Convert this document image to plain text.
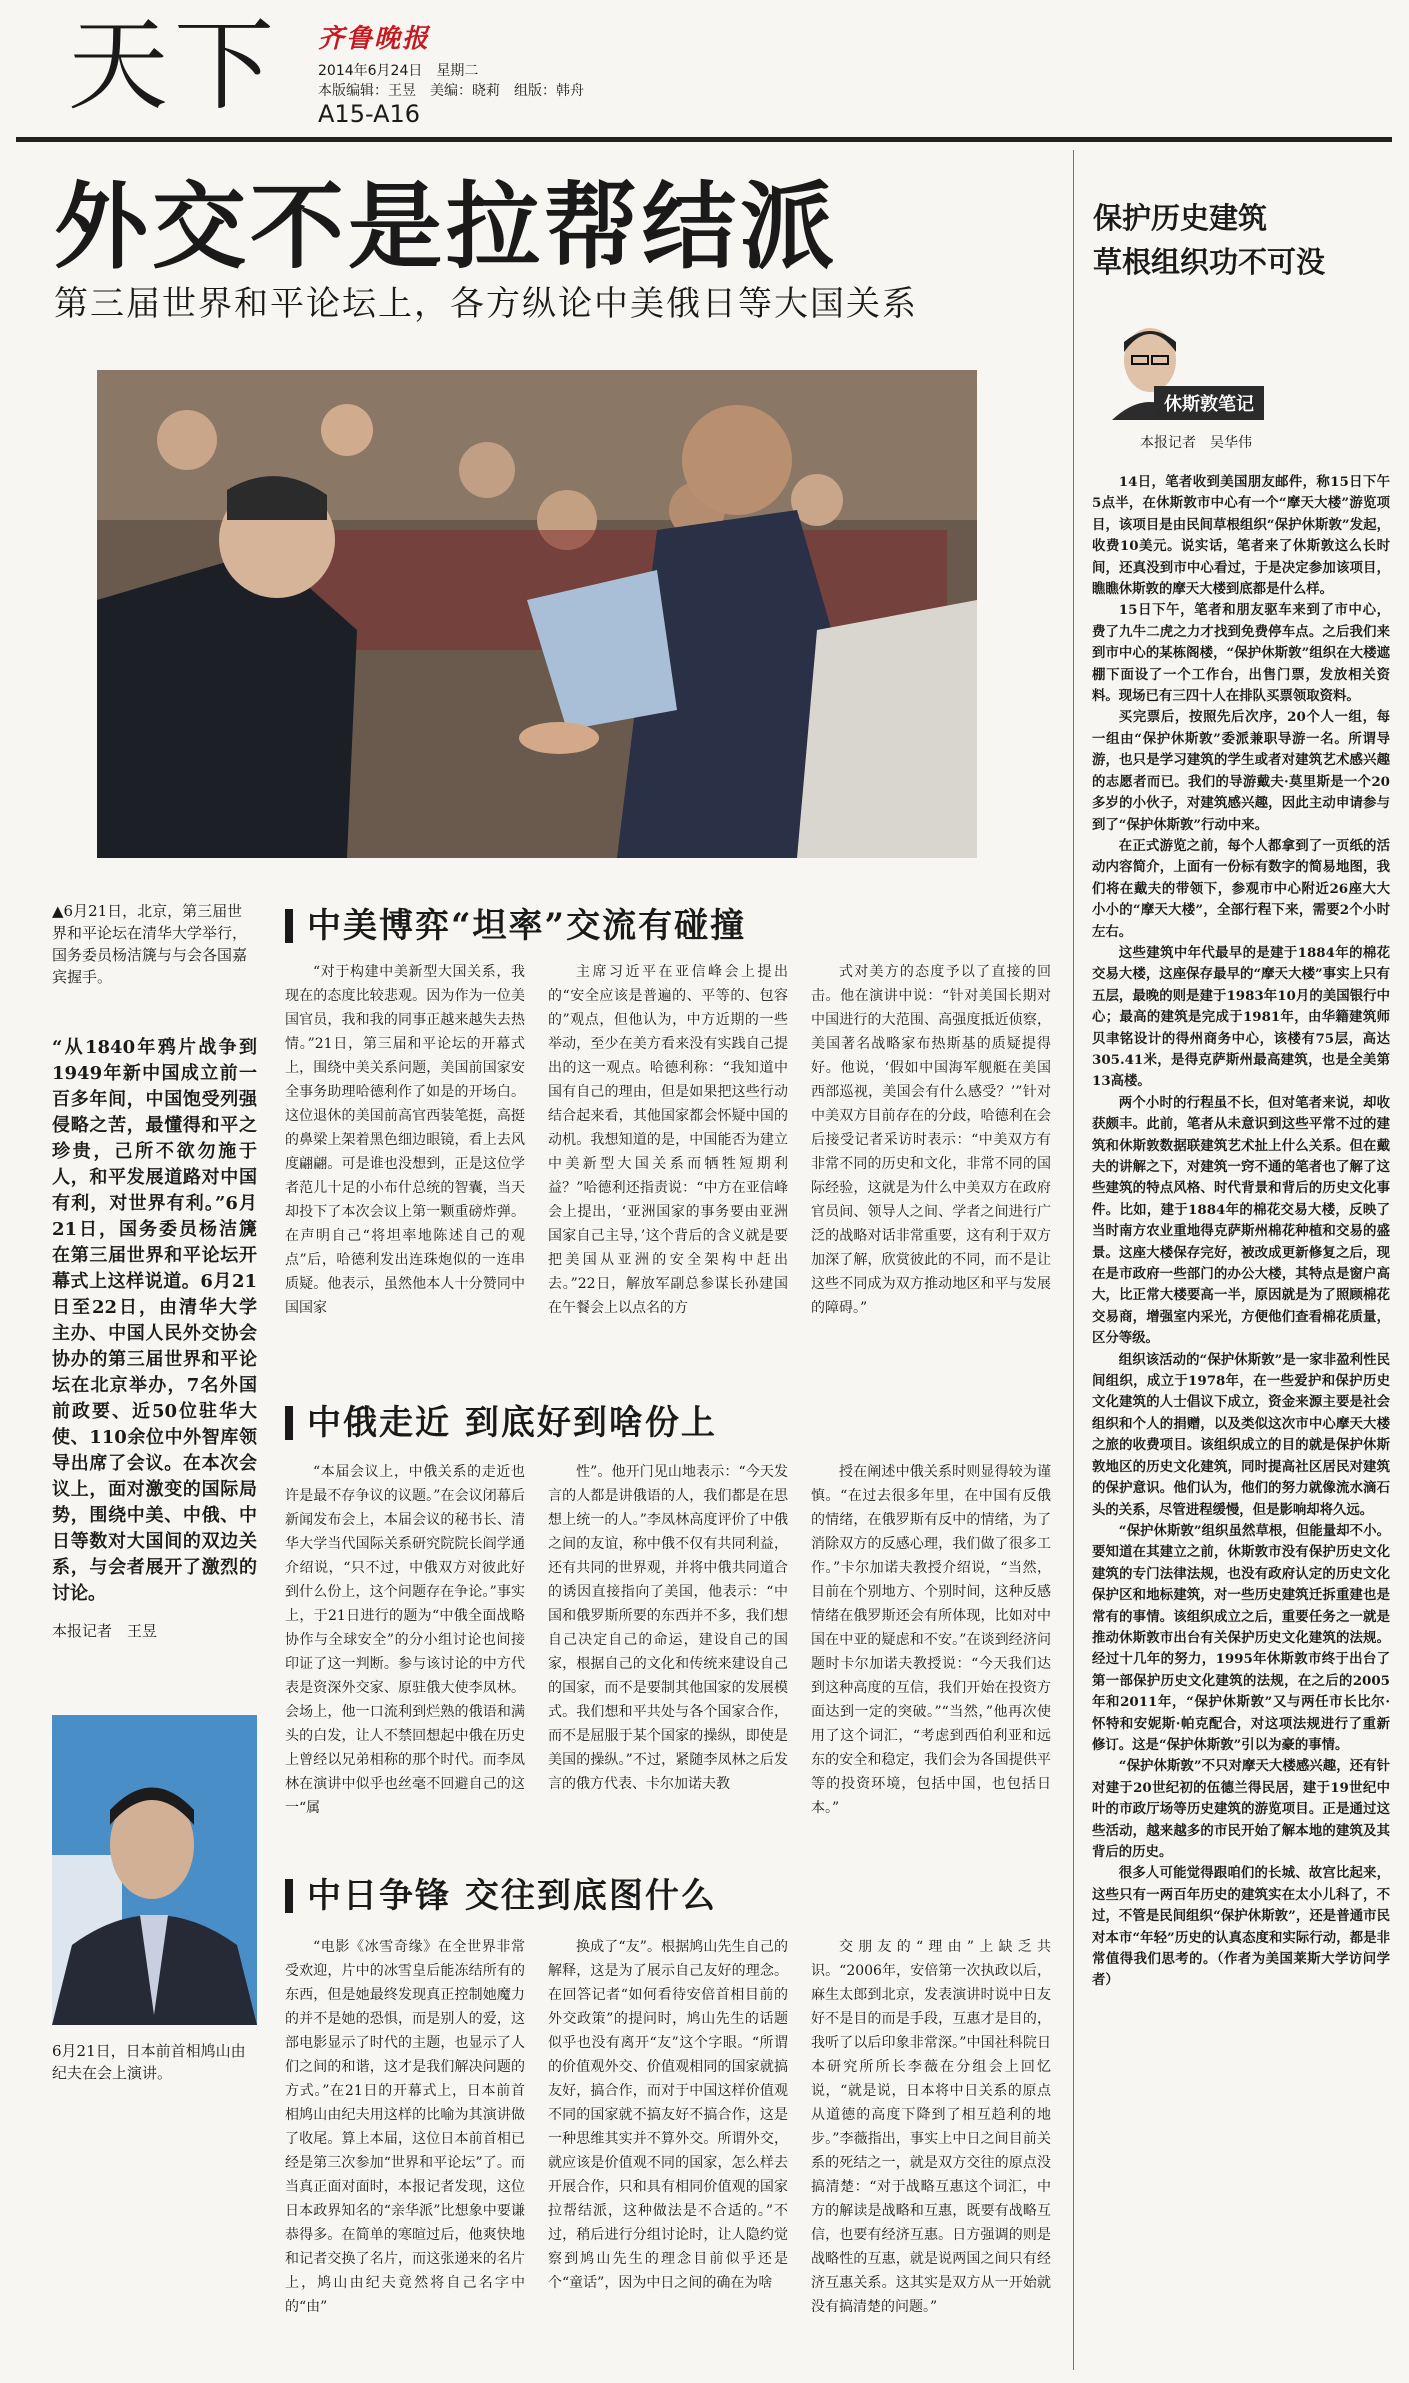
天下 齐鲁晚报
2014年6月24日　星期二
本版编辑：王昱　美编：晓莉　组版：韩舟
A15-A16
外交不是拉帮结派
第三届世界和平论坛上，各方纵论中美俄日等大国关系
▲6月21日，北京，第三届世界和平论坛在清华大学举行，国务委员杨洁篪与与会各国嘉宾握手。
“从1840年鸦片战争到1949年新中国成立前一百多年间，中国饱受列强侵略之苦，最懂得和平之珍贵，己所不欲勿施于人，和平发展道路对中国有利，对世界有利。”6月21日，国务委员杨洁篪在第三届世界和平论坛开幕式上这样说道。6月21日至22日，由清华大学主办、中国人民外交协会协办的第三届世界和平论坛在北京举办，7名外国前政要、近50位驻华大使、110余位中外智库领导出席了会议。在本次会议上，面对激变的国际局势，围绕中美、中俄、中日等数对大国间的双边关系，与会者展开了激烈的讨论。
本报记者　王昱
6月21日，日本前首相鸠山由纪夫在会上演讲。
中美博弈“坦率”交流有碰撞

“对于构建中美新型大国关系，我现在的态度比较悲观。因为作为一位美国官员，我和我的同事正越来越失去热情。”21日，第三届和平论坛的开幕式上，围绕中美关系问题，美国前国家安全事务助理哈德利作了如是的开场白。这位退休的美国前高官西装笔挺，高挺的鼻梁上架着黑色细边眼镜，看上去风度翩翩。可是谁也没想到，正是这位学者范儿十足的小布什总统的智囊，当天却投下了本次会议上第一颗重磅炸弹。在声明自己“将坦率地陈述自己的观点”后，哈德利发出连珠炮似的一连串质疑。他表示，虽然他本人十分赞同中国国家

主席习近平在亚信峰会上提出的“安全应该是普遍的、平等的、包容的”观点，但他认为，中方近期的一些举动，至少在美方看来没有实践自己提出的这一观点。哈德利称：“我知道中国有自己的理由，但是如果把这些行动结合起来看，其他国家都会怀疑中国的动机。我想知道的是，中国能否为建立中美新型大国关系而牺牲短期利益？”哈德利还指责说：“中方在亚信峰会上提出，‘亚洲国家的事务要由亚洲国家自己主导，’这个背后的含义就是要把美国从亚洲的安全架构中赶出去。”22日，解放军副总参谋长孙建国在午餐会上以点名的方

式对美方的态度予以了直接的回击。他在演讲中说：“针对美国长期对中国进行的大范围、高强度抵近侦察，美国著名战略家布热斯基的质疑提得好。他说，‘假如中国海军舰艇在美国西部巡视，美国会有什么感受？’”针对中美双方目前存在的分歧，哈德利在会后接受记者采访时表示：“中美双方有非常不同的历史和文化，非常不同的国际经验，这就是为什么中美双方在政府官员间、领导人之间、学者之间进行广泛的战略对话非常重要，这有利于双方加深了解，欣赏彼此的不同，而不是让这些不同成为双方推动地区和平与发展的障碍。”

中俄走近 到底好到啥份上

“本届会议上，中俄关系的走近也许是最不存争议的议题。”在会议闭幕后新闻发布会上，本届会议的秘书长、清华大学当代国际关系研究院院长阎学通介绍说，“只不过，中俄双方对彼此好到什么份上，这个问题存在争论。”事实上，于21日进行的题为“中俄全面战略协作与全球安全”的分小组讨论也间接印证了这一判断。参与该讨论的中方代表是资深外交家、原驻俄大使李凤林。会场上，他一口流利到烂熟的俄语和满头的白发，让人不禁回想起中俄在历史上曾经以兄弟相称的那个时代。而李凤林在演讲中似乎也丝毫不回避自己的这一“属

性”。他开门见山地表示：“今天发言的人都是讲俄语的人，我们都是在思想上统一的人。”李凤林高度评价了中俄之间的友谊，称中俄不仅有共同利益，还有共同的世界观，并将中俄共同道合的诱因直接指向了美国，他表示：“中国和俄罗斯所要的东西并不多，我们想自己决定自己的命运，建设自己的国家，根据自己的文化和传统来建设自己的国家，而不是要制其他国家的发展模式。我们想和平共处与各个国家合作，而不是屈服于某个国家的操纵，即使是美国的操纵。”不过，紧随李凤林之后发言的俄方代表、卡尔加诺夫教

授在阐述中俄关系时则显得较为谨慎。“在过去很多年里，在中国有反俄的情绪，在俄罗斯有反中的情绪，为了消除双方的反感心理，我们做了很多工作。”卡尔加诺夫教授介绍说，“当然，目前在个别地方、个别时间，这种反感情绪在俄罗斯还会有所体现，比如对中国在中亚的疑虑和不安。”在谈到经济问题时卡尔加诺夫教授说：“今天我们达到这种高度的互信，我们开始在投资方面达到一定的突破。”“当然，”他再次使用了这个词汇，“考虑到西伯利亚和远东的安全和稳定，我们会为各国提供平等的投资环境，包括中国，也包括日本。”

中日争锋 交往到底图什么

“电影《冰雪奇缘》在全世界非常受欢迎，片中的冰雪皇后能冻结所有的东西，但是她最终发现真正控制她魔力的并不是她的恐惧，而是别人的爱，这部电影显示了时代的主题，也显示了人们之间的和谐，这才是我们解决问题的方式。”在21日的开幕式上，日本前首相鸠山由纪夫用这样的比喻为其演讲做了收尾。算上本届，这位日本前首相已经是第三次参加“世界和平论坛”了。而当真正面对面时，本报记者发现，这位日本政界知名的“亲华派”比想象中要谦恭得多。在简单的寒暄过后，他爽快地和记者交换了名片，而这张递来的名片上，鸠山由纪夫竟然将自己名字中的“由”

换成了“友”。根据鸠山先生自己的解释，这是为了展示自己友好的理念。在回答记者“如何看待安倍首相目前的外交政策”的提问时，鸠山先生的话题似乎也没有离开“友”这个字眼。“所谓的价值观外交、价值观相同的国家就搞友好，搞合作，而对于中国这样价值观不同的国家就不搞友好不搞合作，这是一种思维其实并不算外交。所谓外交，就应该是价值观不同的国家，怎么样去开展合作，只和具有相同价值观的国家拉帮结派，这种做法是不合适的。”不过，稍后进行分组讨论时，让人隐约觉察到鸠山先生的理念目前似乎还是个“童话”，因为中日之间的确在为啥

交朋友的“理由”上缺乏共识。“2006年，安倍第一次执政以后，麻生太郎到北京，发表演讲时说中日友好不是目的而是手段，互惠才是目的，我听了以后印象非常深。”中国社科院日本研究所所长李薇在分组会上回忆说，“就是说，日本将中日关系的原点从道德的高度下降到了相互趋利的地步。”李薇指出，事实上中日之间目前关系的死结之一，就是双方交往的原点没搞清楚：“对于战略互惠这个词汇，中方的解读是战略和互惠，既要有战略互信，也要有经济互惠。日方强调的则是战略性的互惠，就是说两国之间只有经济互惠关系。这其实是双方从一开始就没有搞清楚的问题。”

保护历史建筑
草根组织功不可没
休斯敦笔记
本报记者　吴华伟

14日，笔者收到美国朋友邮件，称15日下午5点半，在休斯敦市中心有一个“摩天大楼”游览项目，该项目是由民间草根组织“保护休斯敦”发起，收费10美元。说实话，笔者来了休斯敦这么长时间，还真没到市中心看过，于是决定参加该项目，瞧瞧休斯敦的摩天大楼到底都是什么样。

15日下午，笔者和朋友驱车来到了市中心，费了九牛二虎之力才找到免费停车点。之后我们来到市中心的某栋阁楼，“保护休斯敦”组织在大楼遮棚下面设了一个工作台，出售门票，发放相关资料。现场已有三四十人在排队买票领取资料。

买完票后，按照先后次序，20个人一组，每一组由“保护休斯敦”委派兼职导游一名。所谓导游，也只是学习建筑的学生或者对建筑艺术感兴趣的志愿者而已。我们的导游戴夫·莫里斯是一个20多岁的小伙子，对建筑感兴趣，因此主动申请参与到了“保护休斯敦”行动中来。

在正式游览之前，每个人都拿到了一页纸的活动内容简介，上面有一份标有数字的简易地图，我们将在戴夫的带领下，参观市中心附近26座大大小小的“摩天大楼”，全部行程下来，需要2个小时左右。

这些建筑中年代最早的是建于1884年的棉花交易大楼，这座保存最早的“摩天大楼”事实上只有五层，最晚的则是建于1983年10月的美国银行中心；最高的建筑是完成于1981年，由华籍建筑师贝聿铭设计的得州商务中心，该楼有75层，高达305.41米，是得克萨斯州最高建筑，也是全美第13高楼。

两个小时的行程虽不长，但对笔者来说，却收获颇丰。此前，笔者从未意识到这些平常不过的建筑和休斯敦数据联建筑艺术扯上什么关系。但在戴夫的讲解之下，对建筑一窍不通的笔者也了解了这些建筑的特点风格、时代背景和背后的历史文化事件。比如，建于1884年的棉花交易大楼，反映了当时南方农业重地得克萨斯州棉花种植和交易的盛景。这座大楼保存完好，被改成更新修复之后，现在是市政府一些部门的办公大楼，其特点是窗户高大，比正常大楼要高一半，原因就是为了照顾棉花交易商，增强室内采光，方便他们查看棉花质量，区分等级。

组织该活动的“保护休斯敦”是一家非盈利性民间组织，成立于1978年，在一些爱护和保护历史文化建筑的人士倡议下成立，资金来源主要是社会组织和个人的捐赠，以及类似这次市中心摩天大楼之旅的收费项目。该组织成立的目的就是保护休斯敦地区的历史文化建筑，同时提高社区居民对建筑的保护意识。他们认为，他们的努力就像流水滴石头的关系，尽管进程缓慢，但是影响却将久远。

“保护休斯敦”组织虽然草根，但能量却不小。要知道在其建立之前，休斯敦市没有保护历史文化建筑的专门法律法规，也没有政府认定的历史文化保护区和地标建筑，对一些历史建筑迁拆重建也是常有的事情。该组织成立之后，重要任务之一就是推动休斯敦市出台有关保护历史文化建筑的法规。经过十几年的努力，1995年休斯敦市终于出台了第一部保护历史文化建筑的法规，在之后的2005年和2011年，“保护休斯敦”又与两任市长比尔·怀特和安妮斯·帕克配合，对这项法规进行了重新修订。这是“保护休斯敦”引以为豪的事情。

“保护休斯敦”不只对摩天大楼感兴趣，还有针对建于20世纪初的伍德兰得民居，建于19世纪中叶的市政厅场等历史建筑的游览项目。正是通过这些活动，越来越多的市民开始了解本地的建筑及其背后的历史。

很多人可能觉得跟咱们的长城、故宫比起来，这些只有一两百年历史的建筑实在太小儿科了，不过，不管是民间组织“保护休斯敦”，还是普通市民对本市“年轻”历史的认真态度和实际行动，都是非常值得我们思考的。（作者为美国莱斯大学访问学者）
